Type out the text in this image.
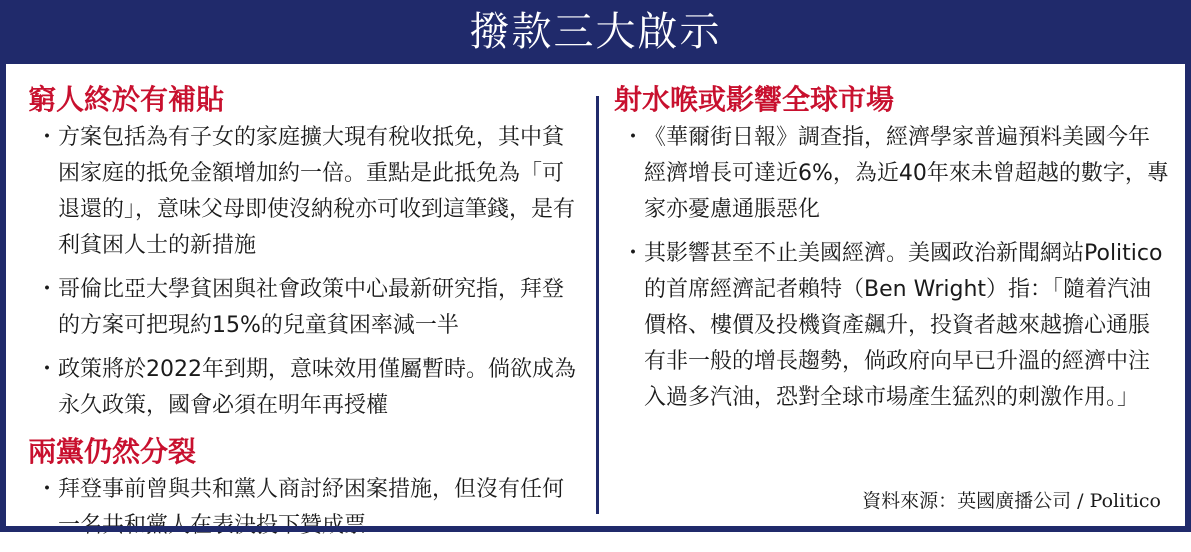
撥款三大啟示
窮人終於有補貼
・ 方案包括為有子女的家庭擴大現有稅收抵免，其中貧困家庭的抵免金額增加約一倍。重點是此抵免為「可退還的」，意味父母即使沒納稅亦可收到這筆錢，是有利貧困人士的新措施
・ 哥倫比亞大學貧困與社會政策中心最新研究指，拜登的方案可把現約15%的兒童貧困率減一半
・ 政策將於2022年到期，意味效用僅屬暫時。倘欲成為永久政策，國會必須在明年再授權
兩黨仍然分裂
・ 拜登事前曾與共和黨人商討紓困案措施，但沒有任何
射水喉或影響全球市場
・ 《華爾街日報》調查指，經濟學家普遍預料美國今年經濟增長可達近6%，為近40年來未曾超越的數字，專家亦憂慮通脹惡化
・ 其影響甚至不止美國經濟。美國政治新聞網站Politico的首席經濟記者賴特（Ben Wright）指：「隨着汽油價格、樓價及投機資產飆升，投資者越來越擔心通脹有非一般的增長趨勢，倘政府向早已升溫的經濟中注入過多汽油，恐對全球市場產生猛烈的刺激作用。」
資料來源：英國廣播公司 / Politico
